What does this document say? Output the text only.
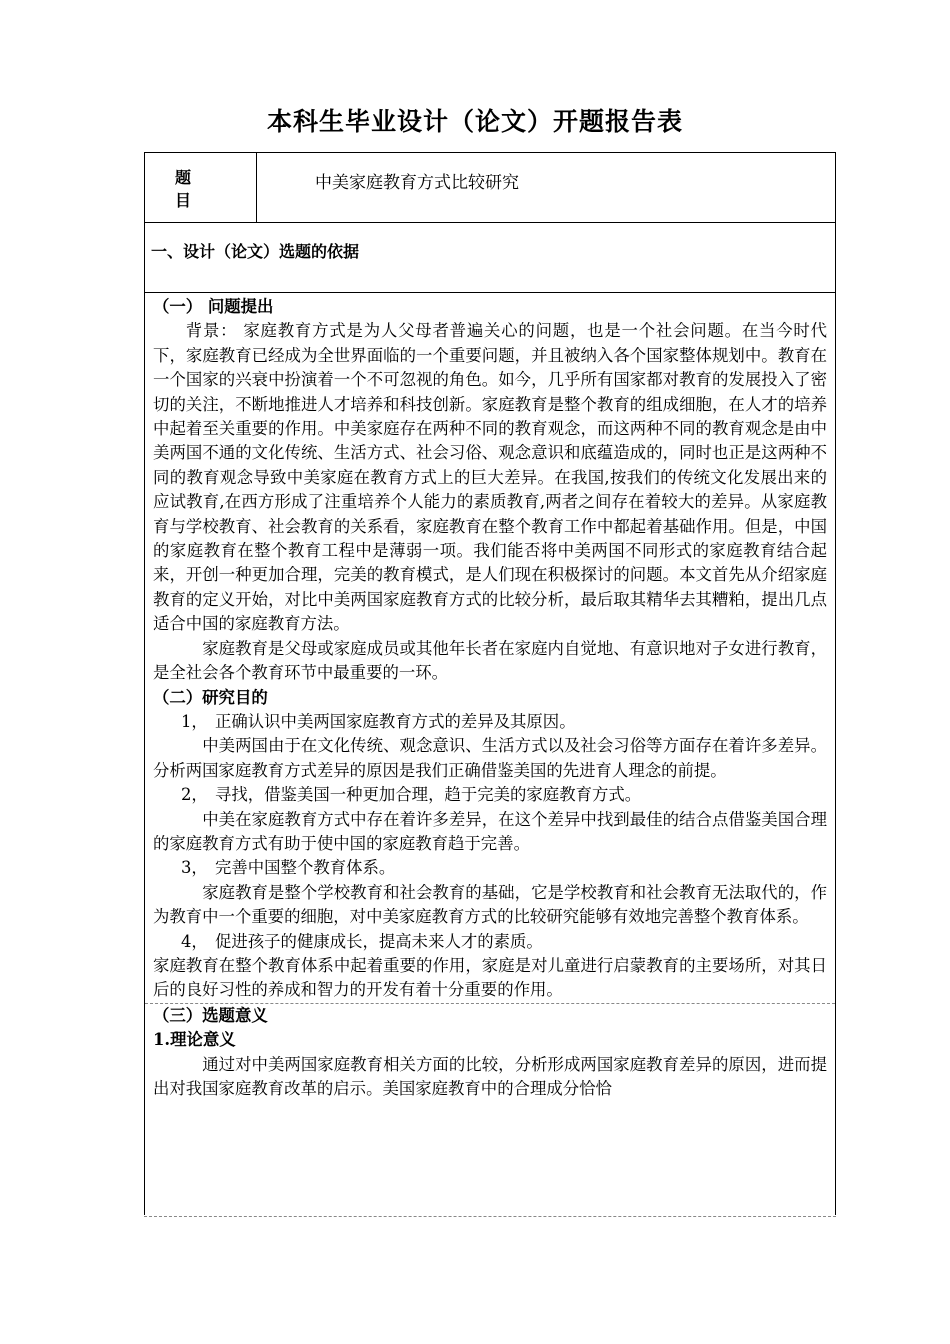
本科生毕业设计（论文）开题报告表
题 目
中美家庭教育方式比较研究
一、设计（论文）选题的依据

（一） 问题提出

背景： 家庭教育方式是为人父母者普遍关心的问题，也是一个社会问题。在当今时代下，家庭教育已经成为全世界面临的一个重要问题，并且被纳入各个国家整体规划中。教育在一个国家的兴衰中扮演着一个不可忽视的角色。如今，几乎所有国家都对教育的发展投入了密切的关注，不断地推进人才培养和科技创新。家庭教育是整个教育的组成细胞，在人才的培养中起着至关重要的作用。中美家庭存在两种不同的教育观念，而这两种不同的教育观念是由中美两国不通的文化传统、生活方式、社会习俗、观念意识和底蕴造成的，同时也正是这两种不同的教育观念导致中美家庭在教育方式上的巨大差异。在我国,按我们的传统文化发展出来的应试教育,在西方形成了注重培养个人能力的素质教育,两者之间存在着较大的差异。从家庭教育与学校教育、社会教育的关系看，家庭教育在整个教育工作中都起着基础作用。但是，中国的家庭教育在整个教育工程中是薄弱一项。我们能否将中美两国不同形式的家庭教育结合起来，开创一种更加合理，完美的教育模式，是人们现在积极探讨的问题。本文首先从介绍家庭教育的定义开始，对比中美两国家庭教育方式的比较分析，最后取其精华去其糟粕，提出几点适合中国的家庭教育方法。

家庭教育是父母或家庭成员或其他年长者在家庭内自觉地、有意识地对子女进行教育，是全社会各个教育环节中最重要的一环。

（二）研究目的

1， 正确认识中美两国家庭教育方式的差异及其原因。

中美两国由于在文化传统、观念意识、生活方式以及社会习俗等方面存在着许多差异。分析两国家庭教育方式差异的原因是我们正确借鉴美国的先进育人理念的前提。

2， 寻找，借鉴美国一种更加合理，趋于完美的家庭教育方式。

中美在家庭教育方式中存在着许多差异，在这个差异中找到最佳的结合点借鉴美国合理的家庭教育方式有助于使中国的家庭教育趋于完善。

3， 完善中国整个教育体系。

家庭教育是整个学校教育和社会教育的基础，它是学校教育和社会教育无法取代的，作为教育中一个重要的细胞，对中美家庭教育方式的比较研究能够有效地完善整个教育体系。

4， 促进孩子的健康成长，提高未来人才的素质。

家庭教育在整个教育体系中起着重要的作用，家庭是对儿童进行启蒙教育的主要场所，对其日后的良好习性的养成和智力的开发有着十分重要的作用。

（三）选题意义

1.理论意义

通过对中美两国家庭教育相关方面的比较，分析形成两国家庭教育差异的原因，进而提出对我国家庭教育改革的启示。美国家庭教育中的合理成分恰恰
